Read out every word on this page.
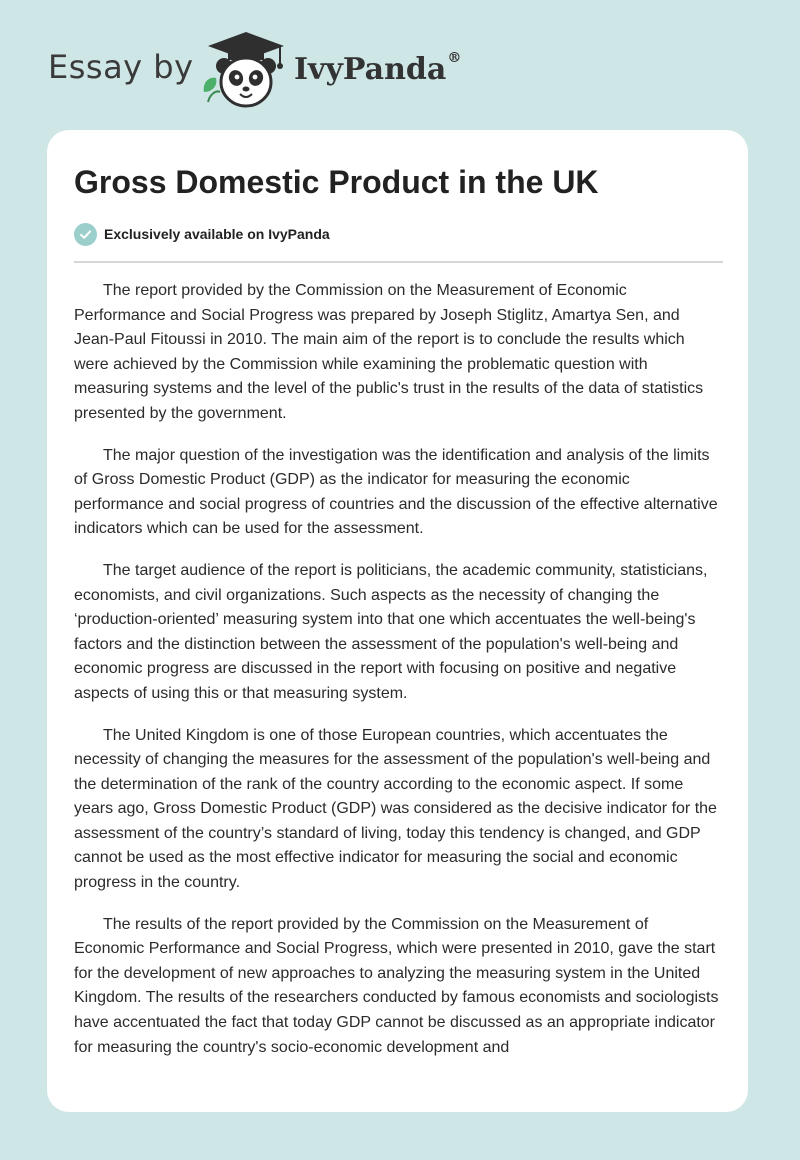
Essay by	IvyPanda®
Gross Domestic Product in the UK
Exclusively available on IvyPanda

The report provided by the Commission on the Measurement of Economic Performance and Social Progress was prepared by Joseph Stiglitz, Amartya Sen, and Jean-Paul Fitoussi in 2010. The main aim of the report is to conclude the results which were achieved by the Commission while examining the problematic question with measuring systems and the level of the public's trust in the results of the data of statistics presented by the government.

The major question of the investigation was the identification and analysis of the limits of Gross Domestic Product (GDP) as the indicator for measuring the economic performance and social progress of countries and the discussion of the effective alternative indicators which can be used for the assessment.

The target audience of the report is politicians, the academic community, statisticians, economists, and civil organizations. Such aspects as the necessity of changing the ‘production-oriented’ measuring system into that one which accentuates the well-being's factors and the distinction between the assessment of the population's well-being and economic progress are discussed in the report with focusing on positive and negative aspects of using this or that measuring system.

The United Kingdom is one of those European countries, which accentuates the necessity of changing the measures for the assessment of the population's well-being and the determination of the rank of the country according to the economic aspect. If some years ago, Gross Domestic Product (GDP) was considered as the decisive indicator for the assessment of the country’s standard of living, today this tendency is changed, and GDP cannot be used as the most effective indicator for measuring the social and economic progress in the country.

The results of the report provided by the Commission on the Measurement of Economic Performance and Social Progress, which were presented in 2010, gave the start for the development of new approaches to analyzing the measuring system in the United Kingdom. The results of the researchers conducted by famous economists and sociologists have accentuated the fact that today GDP cannot be discussed as an appropriate indicator for measuring the country's socio-economic development and
